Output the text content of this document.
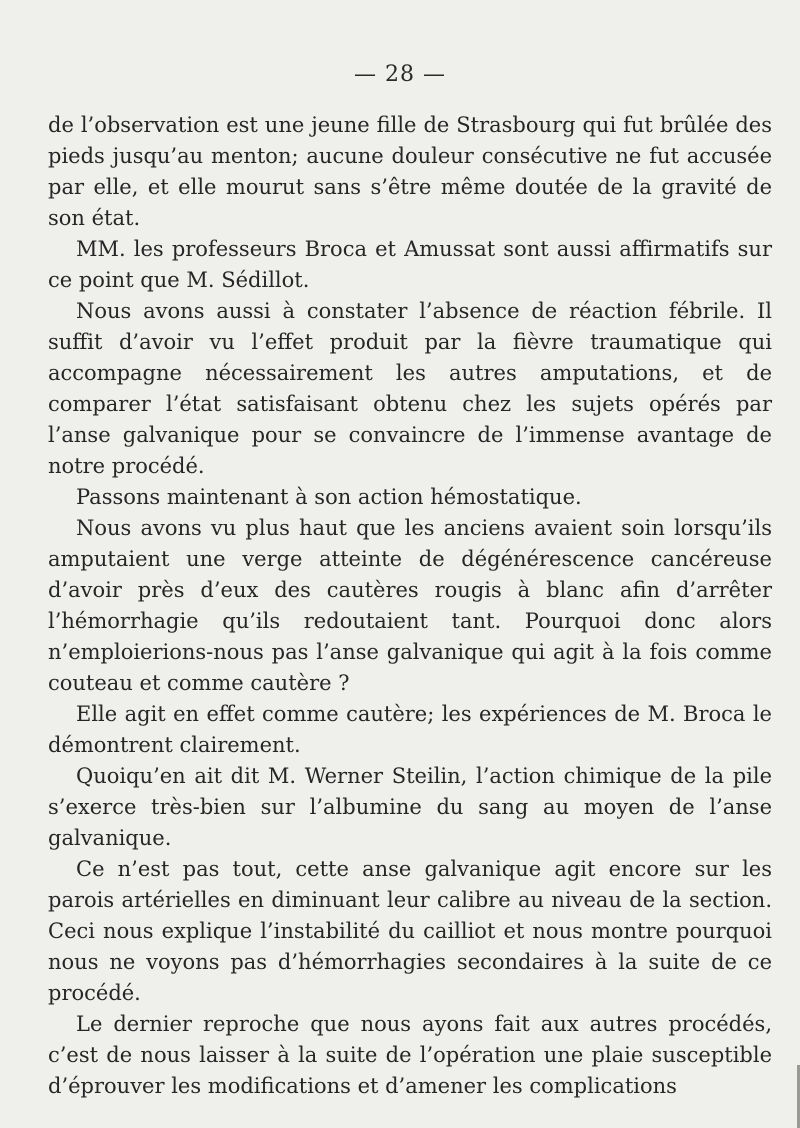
— 28 —

de l’observation est une jeune fille de Strasbourg qui fut brûlée des pieds jusqu’au menton; aucune douleur consécutive ne fut accusée par elle, et elle mourut sans s’être même doutée de la gravité de son état.

MM. les professeurs Broca et Amussat sont aussi affirmatifs sur ce point que M. Sédillot.

Nous avons aussi à constater l’absence de réaction fébrile. Il suffit d’avoir vu l’effet produit par la fièvre traumatique qui accompagne nécessairement les autres amputations, et de comparer l’état satisfaisant obtenu chez les sujets opérés par l’anse galvanique pour se convaincre de l’immense avantage de notre procédé.

Passons maintenant à son action hémostatique.

Nous avons vu plus haut que les anciens avaient soin lorsqu’ils amputaient une verge atteinte de dégénérescence cancéreuse d’avoir près d’eux des cautères rougis à blanc afin d’arrêter l’hémorrhagie qu’ils redoutaient tant. Pourquoi donc alors n’emploierions-nous pas l’anse galvanique qui agit à la fois comme couteau et comme cautère ?

Elle agit en effet comme cautère; les expériences de M. Broca le démontrent clairement.

Quoiqu’en ait dit M. Werner Steilin, l’action chimique de la pile s’exerce très-bien sur l’albumine du sang au moyen de l’anse galvanique.

Ce n’est pas tout, cette anse galvanique agit encore sur les parois artérielles en diminuant leur calibre au niveau de la section. Ceci nous explique l’instabilité du cailliot et nous montre pourquoi nous ne voyons pas d’hémorrhagies secondaires à la suite de ce procédé.

Le dernier reproche que nous ayons fait aux autres procédés, c’est de nous laisser à la suite de l’opération une plaie susceptible d’éprouver les modifications et d’amener les complications
